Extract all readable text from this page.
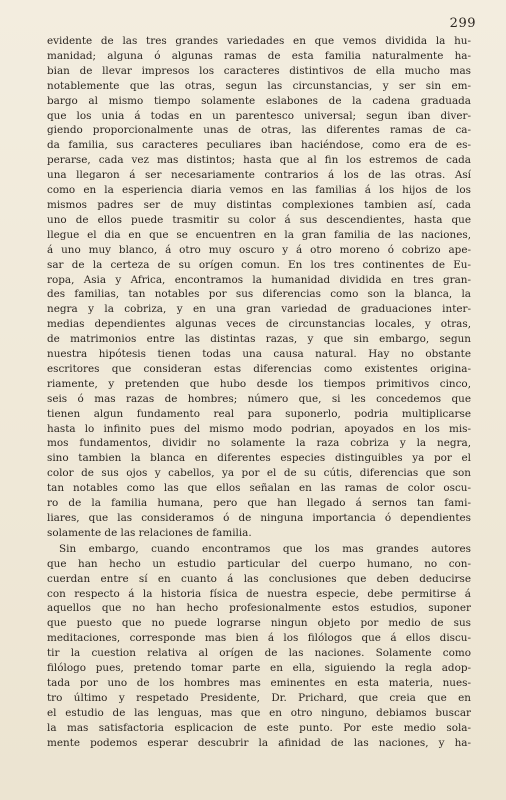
299
evidente de las tres grandes variedades en que vemos dividida la hu-
manidad; alguna ó algunas ramas de esta familia naturalmente ha-
bian de llevar impresos los caracteres distintivos de ella mucho mas
notablemente que las otras, segun las circunstancias, y ser sin em-
bargo al mismo tiempo solamente eslabones de la cadena graduada
que los unia á todas en un parentesco universal; segun iban diver-
giendo proporcionalmente unas de otras, las diferentes ramas de ca-
da familia, sus caracteres peculiares iban haciéndose, como era de es-
perarse, cada vez mas distintos; hasta que al fin los estremos de cada
una llegaron á ser necesariamente contrarios á los de las otras. Así
como en la esperiencia diaria vemos en las familias á los hijos de los
mismos padres ser de muy distintas complexiones tambien así, cada
uno de ellos puede trasmitir su color á sus descendientes, hasta que
llegue el dia en que se encuentren en la gran familia de las naciones,
á uno muy blanco, á otro muy oscuro y á otro moreno ó cobrizo ape-
sar de la certeza de su orígen comun. En los tres continentes de Eu-
ropa, Asia y Africa, encontramos la humanidad dividida en tres gran-
des familias, tan notables por sus diferencias como son la blanca, la
negra y la cobriza, y en una gran variedad de graduaciones inter-
medias dependientes algunas veces de circunstancias locales, y otras,
de matrimonios entre las distintas razas, y que sin embargo, segun
nuestra hipótesis tienen todas una causa natural. Hay no obstante
escritores que consideran estas diferencias como existentes origina-
riamente, y pretenden que hubo desde los tiempos primitivos cinco,
seis ó mas razas de hombres; número que, si les concedemos que
tienen algun fundamento real para suponerlo, podria multiplicarse
hasta lo infinito pues del mismo modo podrian, apoyados en los mis-
mos fundamentos, dividir no solamente la raza cobriza y la negra,
sino tambien la blanca en diferentes especies distinguibles ya por el
color de sus ojos y cabellos, ya por el de su cútis, diferencias que son
tan notables como las que ellos señalan en las ramas de color oscu-
ro de la familia humana, pero que han llegado á sernos tan fami-
liares, que las consideramos ó de ninguna importancia ó dependientes
solamente de las relaciones de familia.
Sin embargo, cuando encontramos que los mas grandes autores
que han hecho un estudio particular del cuerpo humano, no con-
cuerdan entre sí en cuanto á las conclusiones que deben deducirse
con respecto á la historia física de nuestra especie, debe permitirse á
aquellos que no han hecho profesionalmente estos estudios, suponer
que puesto que no puede lograrse ningun objeto por medio de sus
meditaciones, corresponde mas bien á los filólogos que á ellos discu-
tir la cuestion relativa al orígen de las naciones. Solamente como
filólogo pues, pretendo tomar parte en ella, siguiendo la regla adop-
tada por uno de los hombres mas eminentes en esta materia, nues-
tro último y respetado Presidente, Dr. Prichard, que creia que en
el estudio de las lenguas, mas que en otro ninguno, debiamos buscar
la mas satisfactoria esplicacion de este punto. Por este medio sola-
mente podemos esperar descubrir la afinidad de las naciones, y ha-
